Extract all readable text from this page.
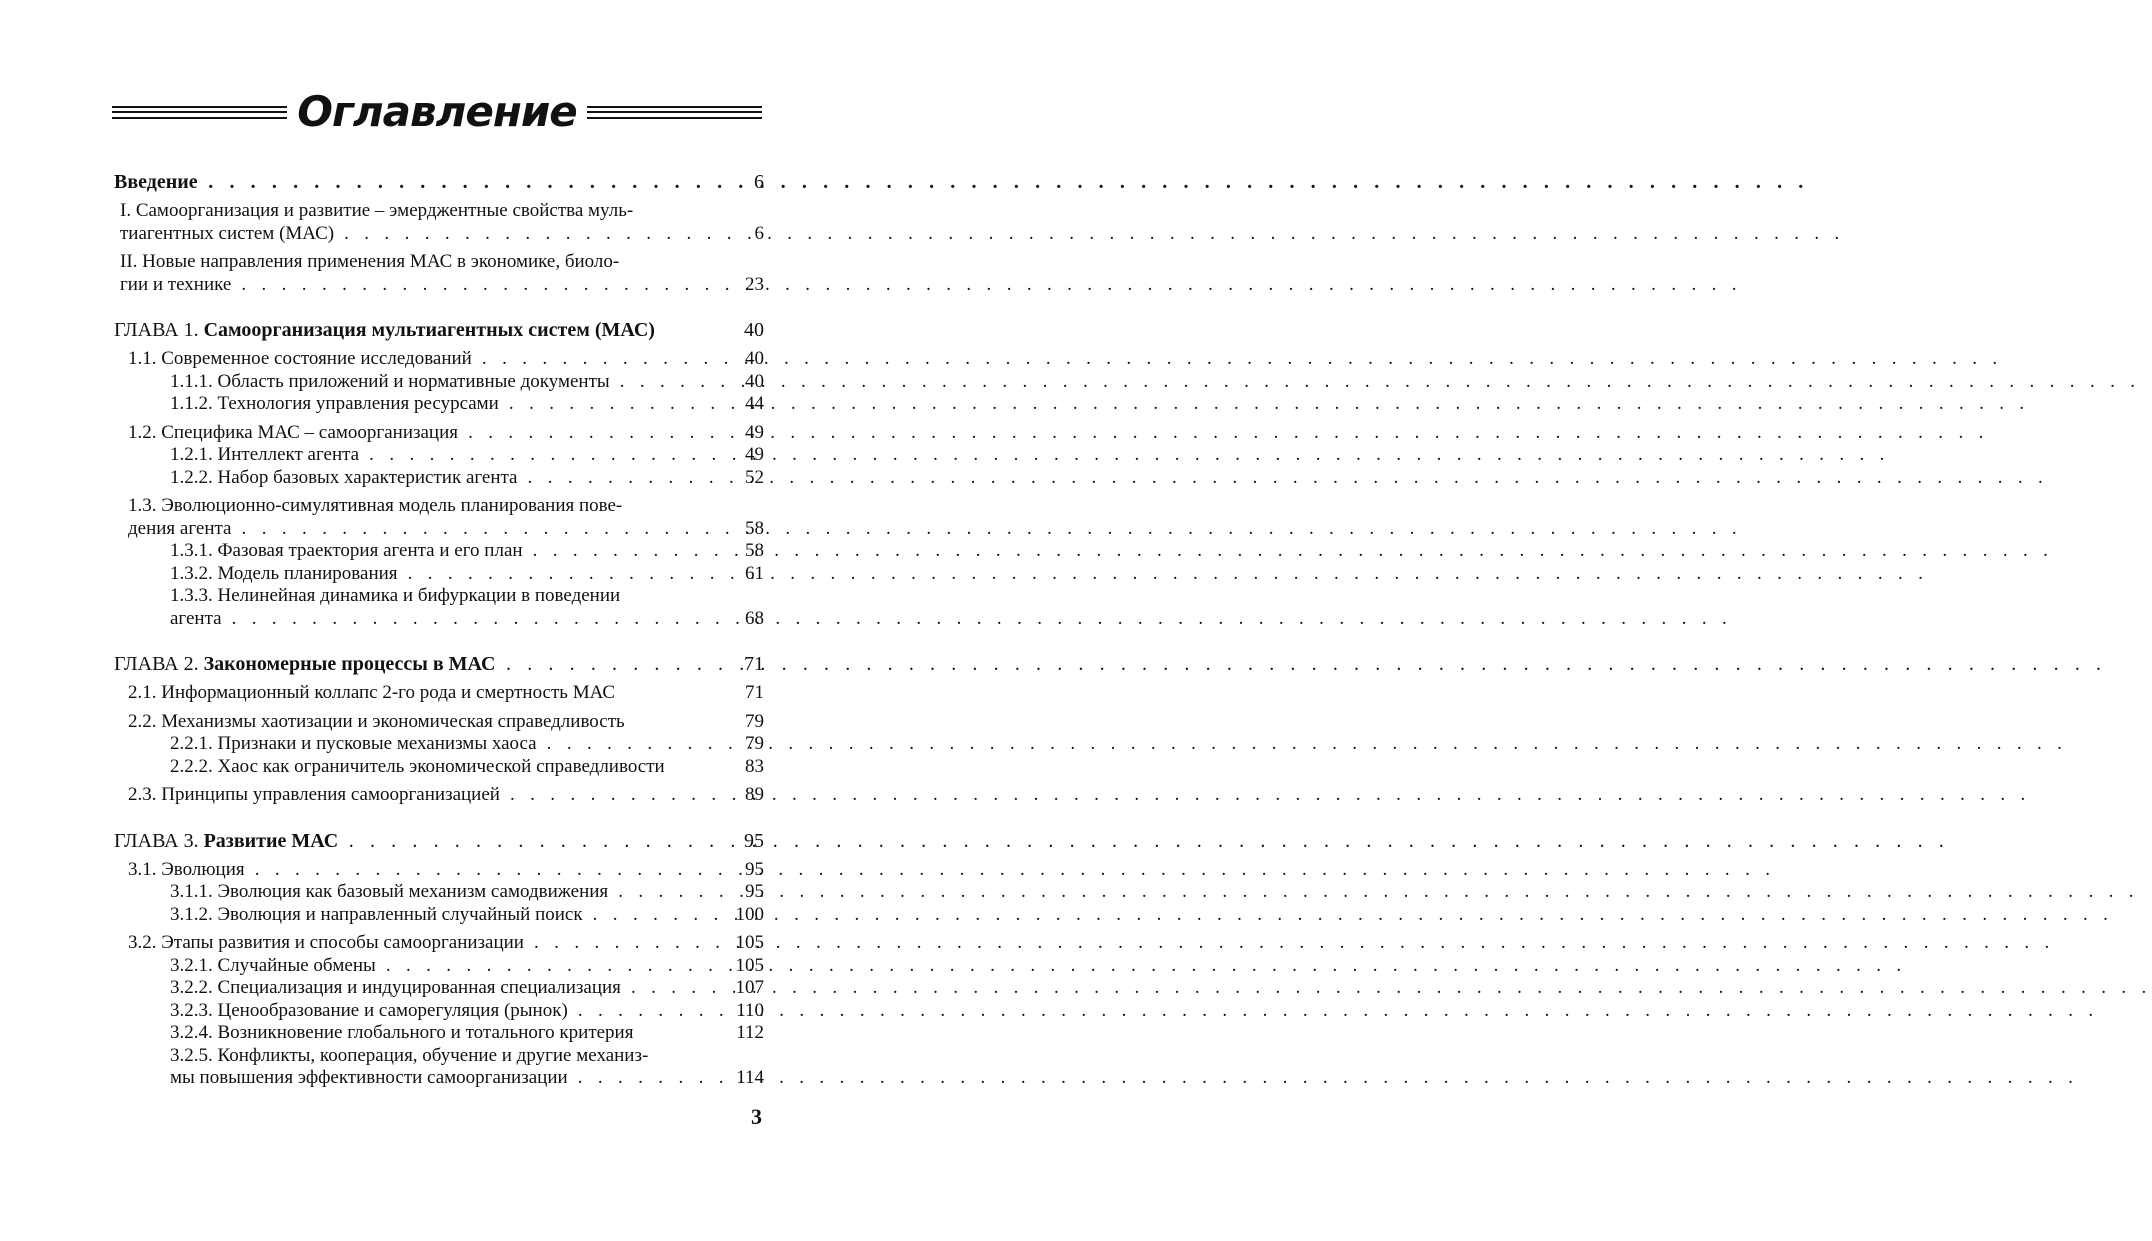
Оглавление
Введение . . .	6
I. Самоорганизация и развитие – эмерджентные свойства муль-

тиагентных систем (МАС) . . .	6
II. Новые направления применения МАС в экономике, биоло-

гии и технике . . .	23
ГЛАВА 1. Самоорганизация мультиагентных систем (МАС)	40
1.1. Современное состояние исследований . . .	40
1.1.1. Область приложений и нормативные документы . . .	40
1.1.2. Технология управления ресурсами . . .	44
1.2. Специфика МАС – самоорганизация . . .	49
1.2.1. Интеллект агента . . .	49
1.2.2. Набор базовых характеристик агента . . .	52
1.3. Эволюционно-симулятивная модель планирования пове-

дения агента . . .	58
1.3.1. Фазовая траектория агента и его план . . .	58
1.3.2. Модель планирования . . .	61
1.3.3. Нелинейная динамика и бифуркации в поведении

агента . . .	68
ГЛАВА 2. Закономерные процессы в МАС . . .	71
2.1. Информационный коллапс 2-го рода и смертность МАС	71
2.2. Механизмы хаотизации и экономическая справедливость	79
2.2.1. Признаки и пусковые механизмы хаоса . . .	79
2.2.2. Хаос как ограничитель экономической справедливости	83
2.3. Принципы управления самоорганизацией . . .	89
ГЛАВА 3. Развитие МАС . . .	95
3.1. Эволюция . . .	95
3.1.1. Эволюция как базовый механизм самодвижения . . .	95
3.1.2. Эволюция и направленный случайный поиск . . .	100
3.2. Этапы развития и способы самоорганизации . . .	105
3.2.1. Случайные обмены . . .	105
3.2.2. Специализация и индуцированная специализация . . .	107
3.2.3. Ценообразование и саморегуляция (рынок) . . .	110
3.2.4. Возникновение глобального и тотального критерия	112
3.2.5. Конфликты, кооперация, обучение и другие механиз-

мы повышения эффективности самоорганизации . . .	114
3
